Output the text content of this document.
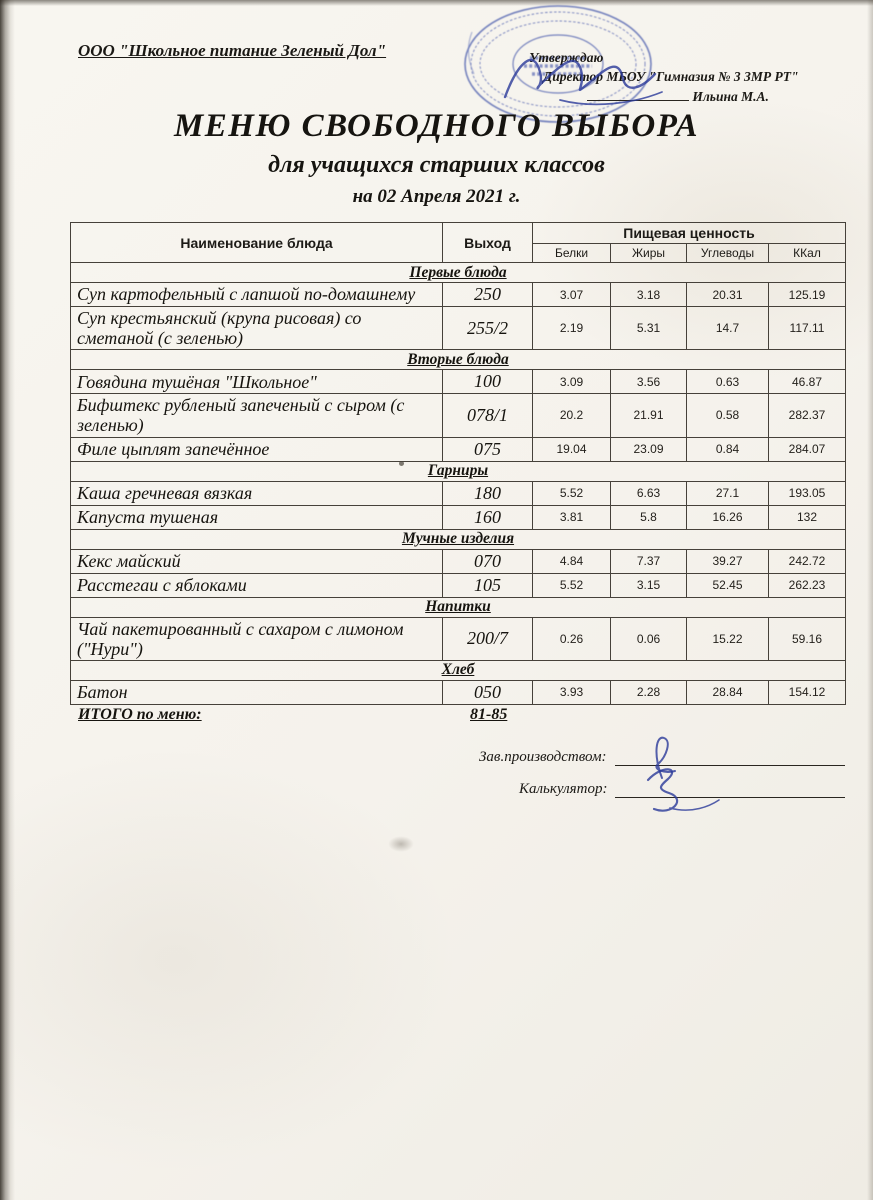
ООО "Школьное питание Зеленый Дол"	Утверждаю
Директор МБОУ "Гимназия № 3 ЗМР РТ"
Ильина М.А.
МЕНЮ СВОБОДНОГО ВЫБОРА
для учащихся старших классов
на 02 Апреля 2021 г.
Наименование блюда	Выход	Пищевая ценность			
		Белки	Жиры	Углеводы	ККал
Первые блюда					
Суп картофельный с лапшой по-домашнему	250	3.07	3.18	20.31	125.19
Суп крестьянский (крупа рисовая) со сметаной (с зеленью)	255/2	2.19	5.31	14.7	117.11
Вторые блюда					
Говядина тушёная "Школьное"	100	3.09	3.56	0.63	46.87
Бифштекс рубленый запеченый с сыром (с зеленью)	078/1	20.2	21.91	0.58	282.37
Филе цыплят запечённое	075	19.04	23.09	0.84	284.07
Гарниры					
Каша гречневая вязкая	180	5.52	6.63	27.1	193.05
Капуста тушеная	160	3.81	5.8	16.26	132
Мучные изделия					
Кекс майский	070	4.84	7.37	39.27	242.72
Расстегаи с яблоками	105	5.52	3.15	52.45	262.23
Напитки					
Чай пакетированный с сахаром с лимоном ("Нури")	200/7	0.26	0.06	15.22	59.16
Хлеб					
Батон	050	3.93	2.28	28.84	154.12
ИТОГО по меню:	81-85
Зав.производством:
Калькулятор:
